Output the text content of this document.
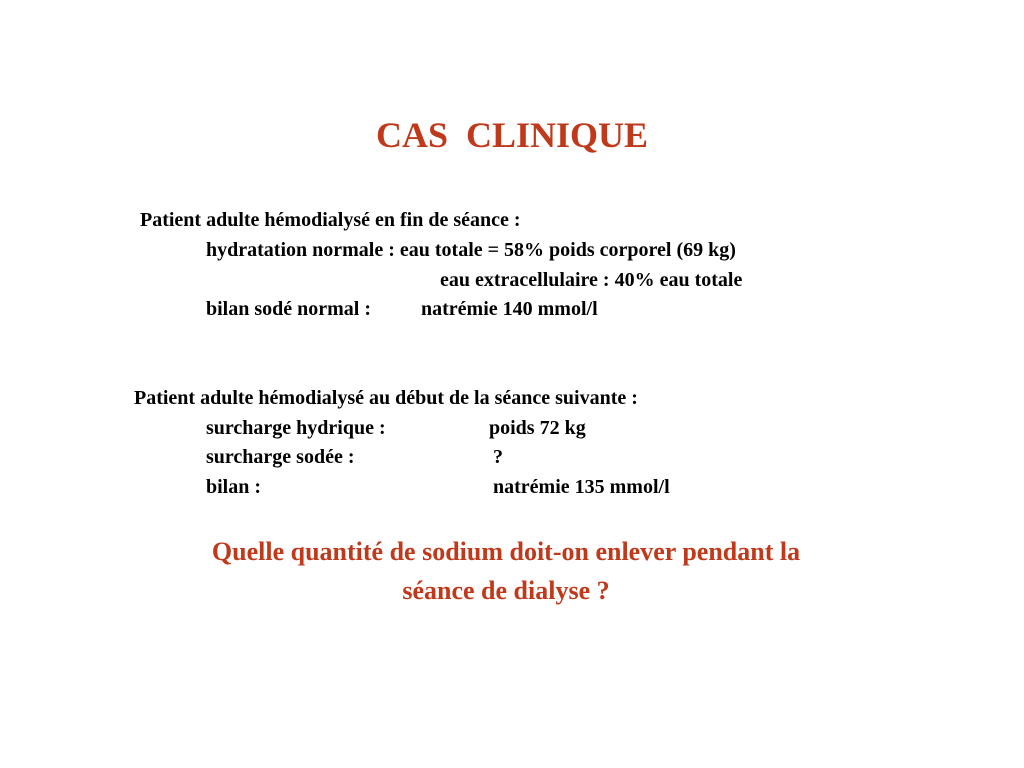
CAS  CLINIQUE
Patient adulte hémodialysé en fin de séance :
hydratation normale : eau totale = 58% poids corporel (69 kg)
eau extracellulaire : 40% eau totale
bilan sodé normal : natrémie 140 mmol/l
Patient adulte hémodialysé au début de la séance suivante :
surcharge hydrique :	poids 72 kg
surcharge sodée :	?
bilan :	natrémie 135 mmol/l
Quelle quantité de sodium doit-on enlever pendant la
séance de dialyse ?
